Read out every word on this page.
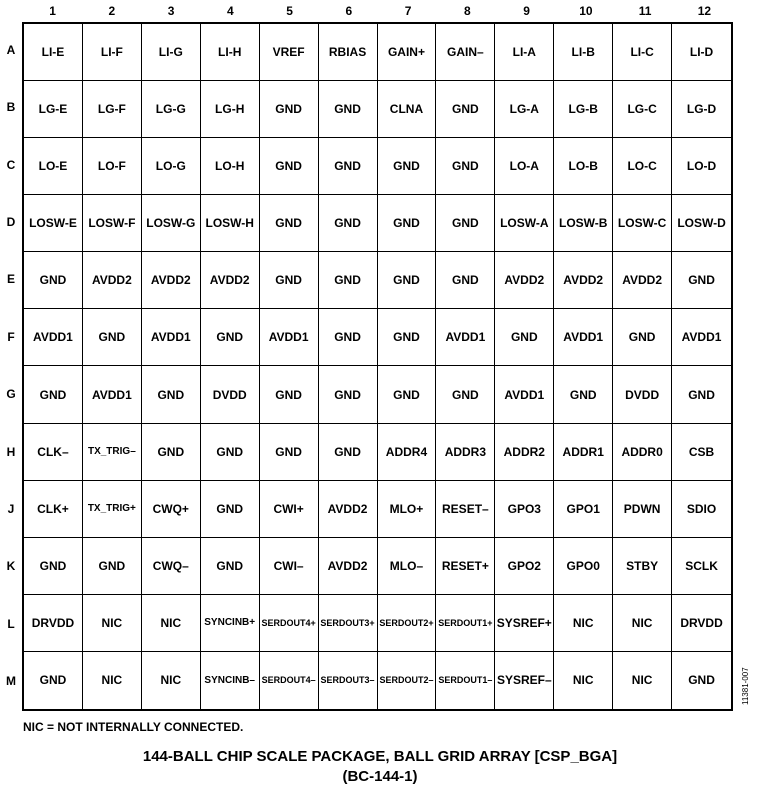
1	2	3	4	5	6	7	8	9	10	11	12
A
B
C
D
E
F
G
H
J
K
L
M
LI-E	LI-F	LI-G	LI-H	VREF	RBIAS	GAIN+	GAIN–	LI-A	LI-B	LI-C	LI-D
LG-E	LG-F	LG-G	LG-H	GND	GND	CLNA	GND	LG-A	LG-B	LG-C	LG-D
LO-E	LO-F	LO-G	LO-H	GND	GND	GND	GND	LO-A	LO-B	LO-C	LO-D
LOSW-E LOSW-F LOSW-G LOSW-H	GND	GND	GND	GND	LOSW-A LOSW-B LOSW-C LOSW-D
GND	AVDD2	AVDD2	AVDD2	GND	GND	GND	GND	AVDD2	AVDD2	AVDD2	GND
AVDD1	GND	AVDD1	GND	AVDD1	GND	GND	AVDD1	GND	AVDD1	GND	AVDD1
GND	AVDD1	GND	DVDD	GND	GND	GND	GND	AVDD1	GND	DVDD	GND
CLK–	TX_TRIG–	GND	GND	GND	GND	ADDR4	ADDR3	ADDR2	ADDR1	ADDR0	CSB
CLK+	TX_TRIG+	CWQ+	GND	CWI+	AVDD2	MLO+	RESET–	GPO3	GPO1	PDWN	SDIO
GND	GND	CWQ–	GND	CWI–	AVDD2	MLO–	RESET+	GPO2	GPO0	STBY	SCLK
DRVDD	NIC	NIC	SYNCINB+ SERDOUT4+ SERDOUT3+ SERDOUT2+ SERDOUT1+ SYSREF+	NIC	NIC	DRVDD
GND	NIC	NIC	SYNCINB– SERDOUT4– SERDOUT3– SERDOUT2– SERDOUT1– SYSREF–	NIC	NIC	GND
NIC = NOT INTERNALLY CONNECTED.
144-BALL CHIP SCALE PACKAGE, BALL GRID ARRAY [CSP_BGA]
(BC-144-1)
11381-007
